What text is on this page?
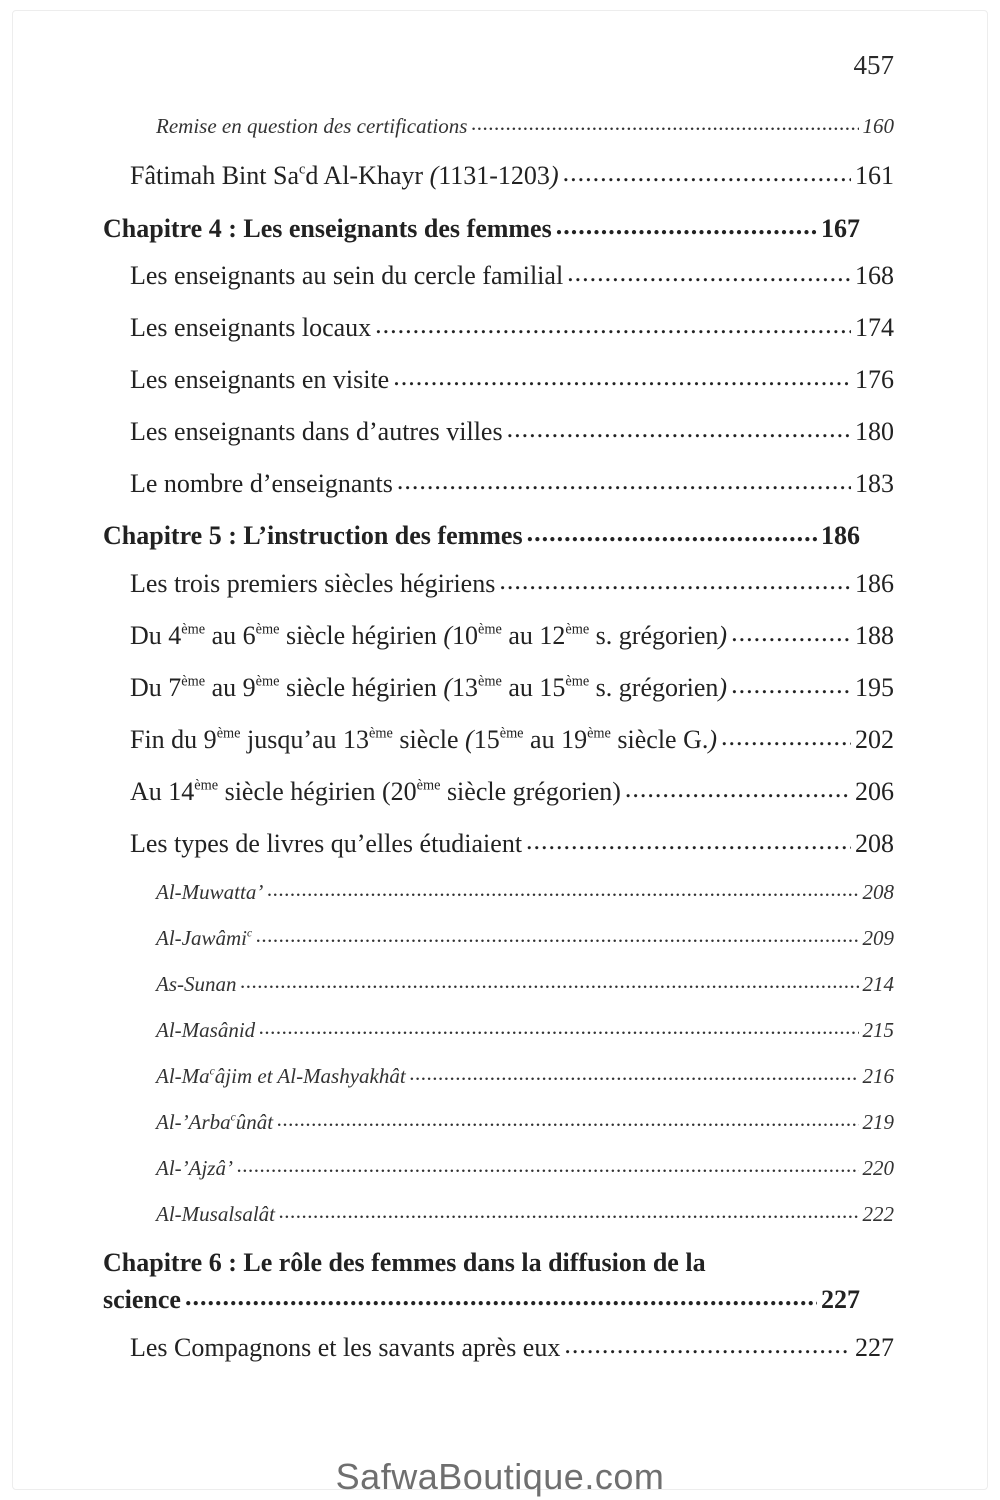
457
Remise en question des certifications .....	160
Fâtimah Bint Sa$^c$d Al-Khayr (1131-1203) .....	161
Chapitre 4 : Les enseignants des femmes .....	167
Les enseignants au sein du cercle familial .....	168
Les enseignants locaux .....	174
Les enseignants en visite .....	176
Les enseignants dans d’autres villes .....	180
Le nombre d’enseignants .....	183
Chapitre 5 : L’instruction des femmes .....	186
Les trois premiers siècles hégiriens .....	186
Du 4ème au 6ème siècle hégirien (10ème au 12ème s. grégorien) .....	188
Du 7ème au 9ème siècle hégirien (13ème au 15ème s. grégorien) .....	195
Fin du 9ème jusqu’au 13ème siècle (15ème au 19ème siècle G.) .....	202
Au 14ème siècle hégirien (20ème siècle grégorien) .....	206
Les types de livres qu’elles étudiaient .....	208
Al-Muwatta’ .....	208
Al-Jawâmi$^c$ .....	209
As-Sunan .....	214
Al-Masânid .....	215
Al-Ma$^c$âjim et Al-Mashyakhât .....	216
Al-’Arba$^c$ûnât .....	219
Al-’Ajzâ’ .....	220
Al-Musalsalât .....	222
Chapitre 6 : Le rôle des femmes dans la diffusion de la
science .....	227
Les Compagnons et les savants après eux .....	227
SafwaBoutique.com
